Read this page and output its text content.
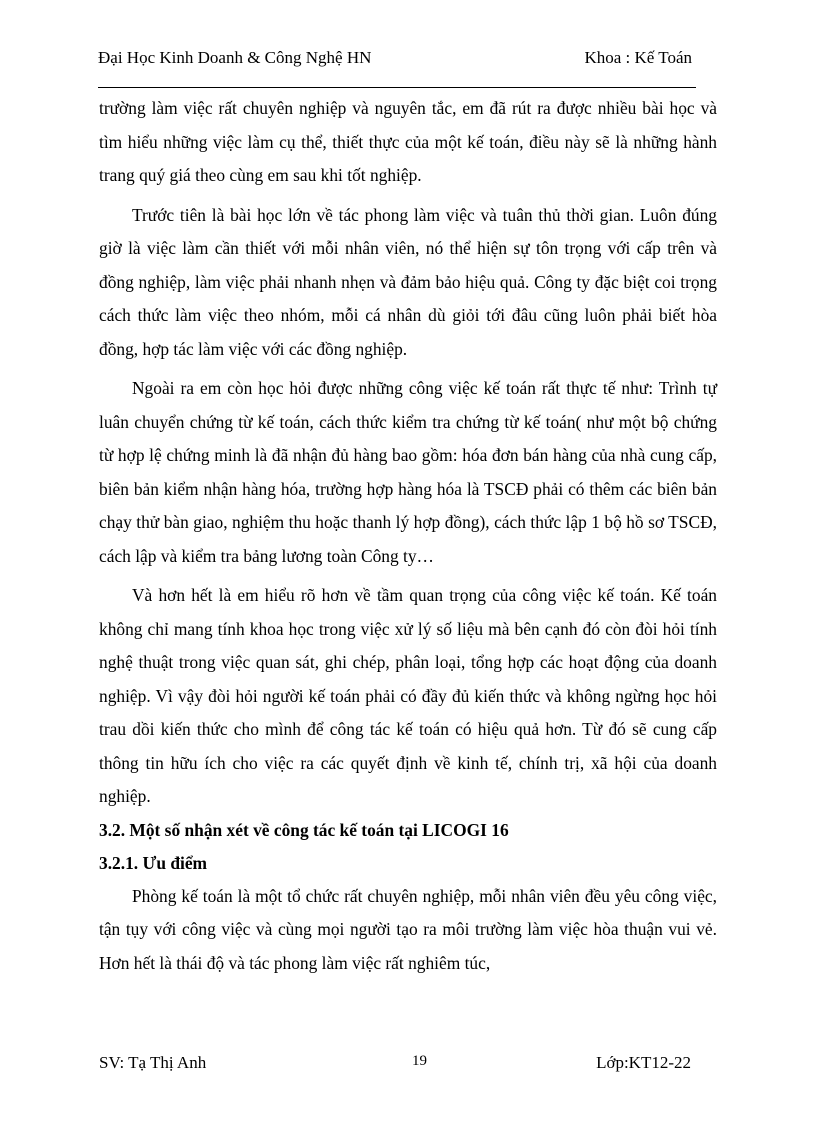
Đại Học Kinh Doanh & Công Nghệ HN	Khoa : Kế Toán

trường làm việc rất chuyên nghiệp và nguyên tắc, em đã rút ra được nhiều bài học và tìm hiểu những việc làm cụ thể, thiết thực của một kế toán, điều này sẽ là những hành trang quý giá theo cùng em sau khi tốt nghiệp.

Trước tiên là bài học lớn về tác phong làm việc và tuân thủ thời gian. Luôn đúng giờ là việc làm cần thiết với mỗi nhân viên, nó thể hiện sự tôn trọng với cấp trên và đồng nghiệp, làm việc phải nhanh nhẹn và đảm bảo hiệu quả. Công ty đặc biệt coi trọng cách thức làm việc theo nhóm, mỗi cá nhân dù giỏi tới đâu cũng luôn phải biết hòa đồng, hợp tác làm việc với các đồng nghiệp.

Ngoài ra em còn học hỏi được những công việc kế toán rất thực tế như: Trình tự luân chuyển chứng từ kế toán, cách thức kiểm tra chứng từ kế toán( như một bộ chứng từ hợp lệ chứng minh là đã nhận đủ hàng bao gồm: hóa đơn bán hàng của nhà cung cấp, biên bản kiểm nhận hàng hóa, trường hợp hàng hóa là TSCĐ phải có thêm các biên bản chạy thử bàn giao, nghiệm thu hoặc thanh lý hợp đồng), cách thức lập 1 bộ hồ sơ TSCĐ, cách lập và kiểm tra bảng lương toàn Công ty…

Và hơn hết là em hiểu rõ hơn về tầm quan trọng của công việc kế toán. Kế toán không chỉ mang tính khoa học trong việc xử lý số liệu mà bên cạnh đó còn đòi hỏi tính nghệ thuật trong việc quan sát, ghi chép, phân loại, tổng hợp các hoạt động của doanh nghiệp. Vì vậy đòi hỏi người kế toán phải có đầy đủ kiến thức và không ngừng học hỏi trau dồi kiến thức cho mình để công tác kế toán có hiệu quả hơn. Từ đó sẽ cung cấp thông tin hữu ích cho việc ra các quyết định về kinh tế, chính trị, xã hội của doanh nghiệp.

3.2. Một số nhận xét về công tác kế toán tại LICOGI 16
3.2.1. Ưu điểm

Phòng kế toán là một tổ chức rất chuyên nghiệp, mỗi nhân viên đều yêu công việc, tận tụy với công việc và cùng mọi người tạo ra môi trường làm việc hòa thuận vui vẻ. Hơn hết là thái độ và tác phong làm việc rất nghiêm túc,

SV: Tạ Thị Anh	19	Lớp:KT12-22
